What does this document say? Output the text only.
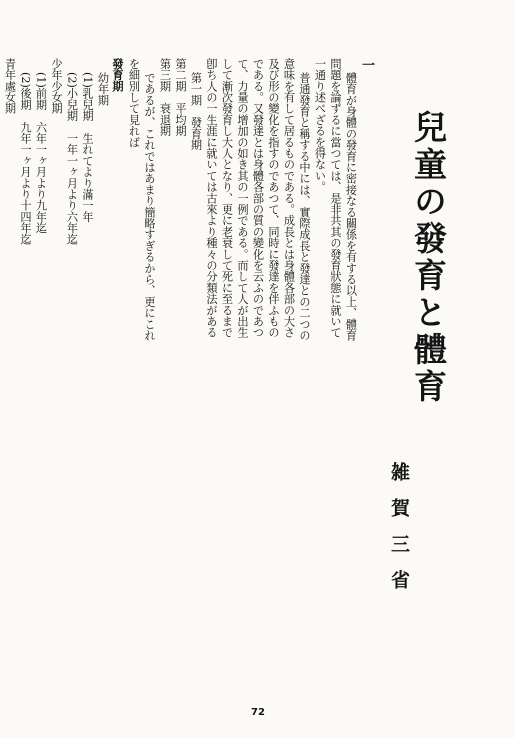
兒童の發育と體育
雑賀三省
一
體育が身體の發育に密接なる關係を有する以上、體育
問題を論ずるに當つては、是非共其の發育狀態に就いて
一通り述べざるを得ない。
普通發育と稱する中には、實際成長と發達との二つの
意味を有して居るものである。成長とは身體各部の大さ
及び形の變化を指すのであつて、同時に發達を伴ふもの
である。又發達とは身體各部の質の變化を云ふのであつ
て、力量の增加の如き其の一例である。而して人が出生
して漸次發育し大人となり、更に老衰して死に至るまで
卽ち人の一生涯に就いては古來より種々の分類法がある
第一期　發育期
第二期　平均期
第三期　衰退期
であるが、これではあまり簡略すぎるから、更にこれ
を細別して見れば
發育期
幼年期
(1)乳兒期　生れてより滿一年
(2)小兒期　一年一ヶ月より六年迄
少年少女期
(1)前期　六年一ヶ月より九年迄
(2)後期　九年一ヶ月より十四年迄
青年處女期
72
